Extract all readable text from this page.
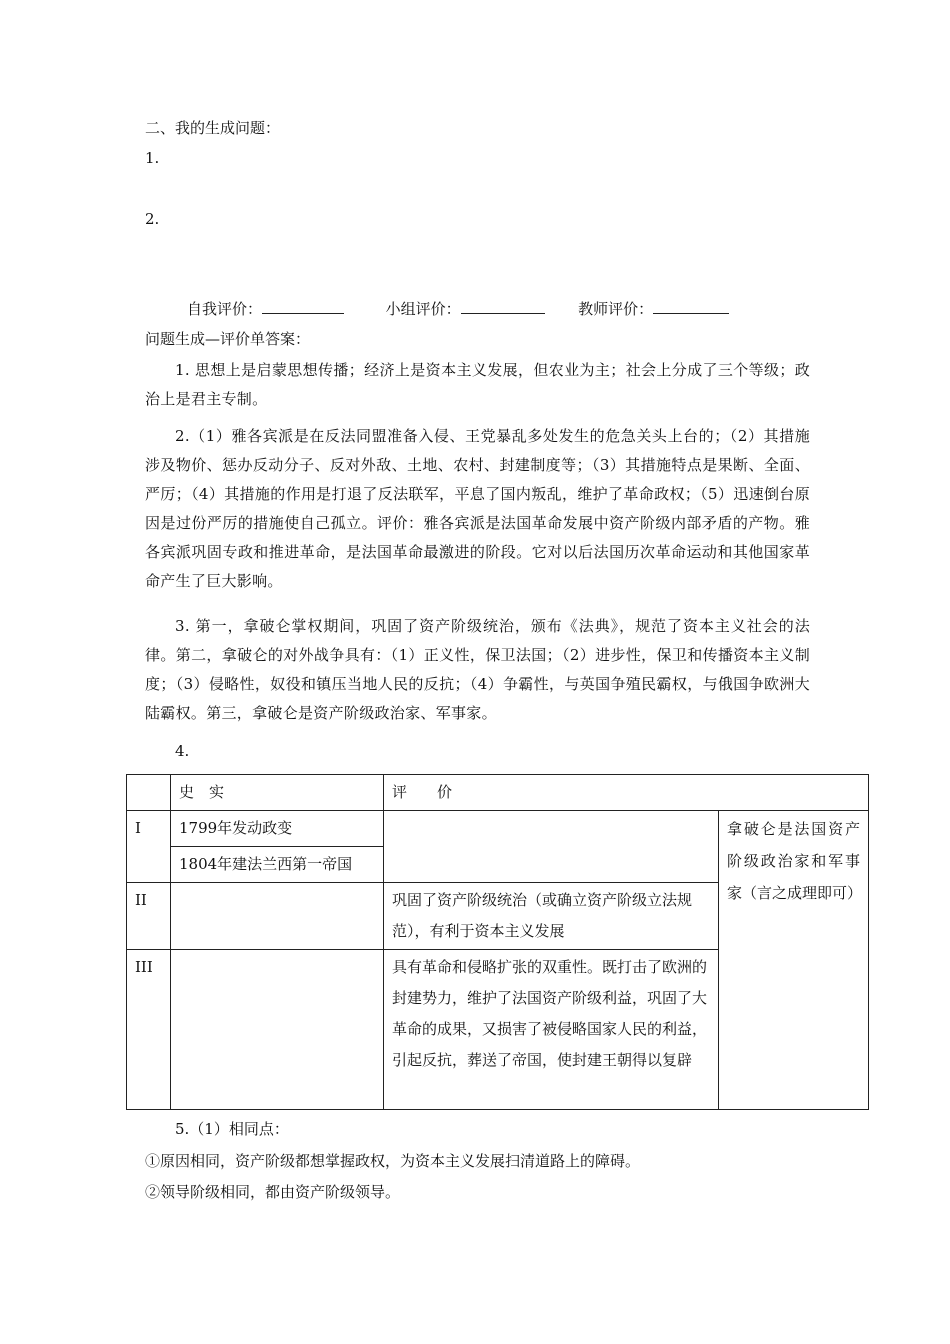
二、我的生成问题：
1.
2.
自我评价：	小组评价：	教师评价：
问题生成—评价单答案：
1. 思想上是启蒙思想传播；经济上是资本主义发展，但农业为主；社会上分成了三个等级；政治上是君主专制。
2.（1）雅各宾派是在反法同盟准备入侵、王党暴乱多处发生的危急关头上台的；（2）其措施涉及物价、惩办反动分子、反对外敌、土地、农村、封建制度等；（3）其措施特点是果断、全面、严厉；（4）其措施的作用是打退了反法联军，平息了国内叛乱，维护了革命政权；（5）迅速倒台原因是过份严厉的措施使自己孤立。评价：雅各宾派是法国革命发展中资产阶级内部矛盾的产物。雅各宾派巩固专政和推进革命，是法国革命最激进的阶段。它对以后法国历次革命运动和其他国家革命产生了巨大影响。
3. 第一，拿破仑掌权期间，巩固了资产阶级统治，颁布《法典》，规范了资本主义社会的法律。第二，拿破仑的对外战争具有：（1）正义性，保卫法国；（2）进步性，保卫和传播资本主义制度；（3）侵略性，奴役和镇压当地人民的反抗；（4）争霸性，与英国争殖民霸权，与俄国争欧洲大陆霸权。第三，拿破仑是资产阶级政治家、军事家。
4.
	史　实	评　　价		
I	1799年发动政变		拿破仑是法国资产阶级政治家和军事家（言之成理即可）	
	1804年建法兰西第一帝国			
II		巩固了资产阶级统治（或确立资产阶级立法规范），有利于资本主义发展		
III		具有革命和侵略扩张的双重性。既打击了欧洲的封建势力，维护了法国资产阶级利益，巩固了大革命的成果，又损害了被侵略国家人民的利益，引起反抗，葬送了帝国，使封建王朝得以复辟		
5.（1）相同点：
①原因相同，资产阶级都想掌握政权，为资本主义发展扫清道路上的障碍。
②领导阶级相同，都由资产阶级领导。
